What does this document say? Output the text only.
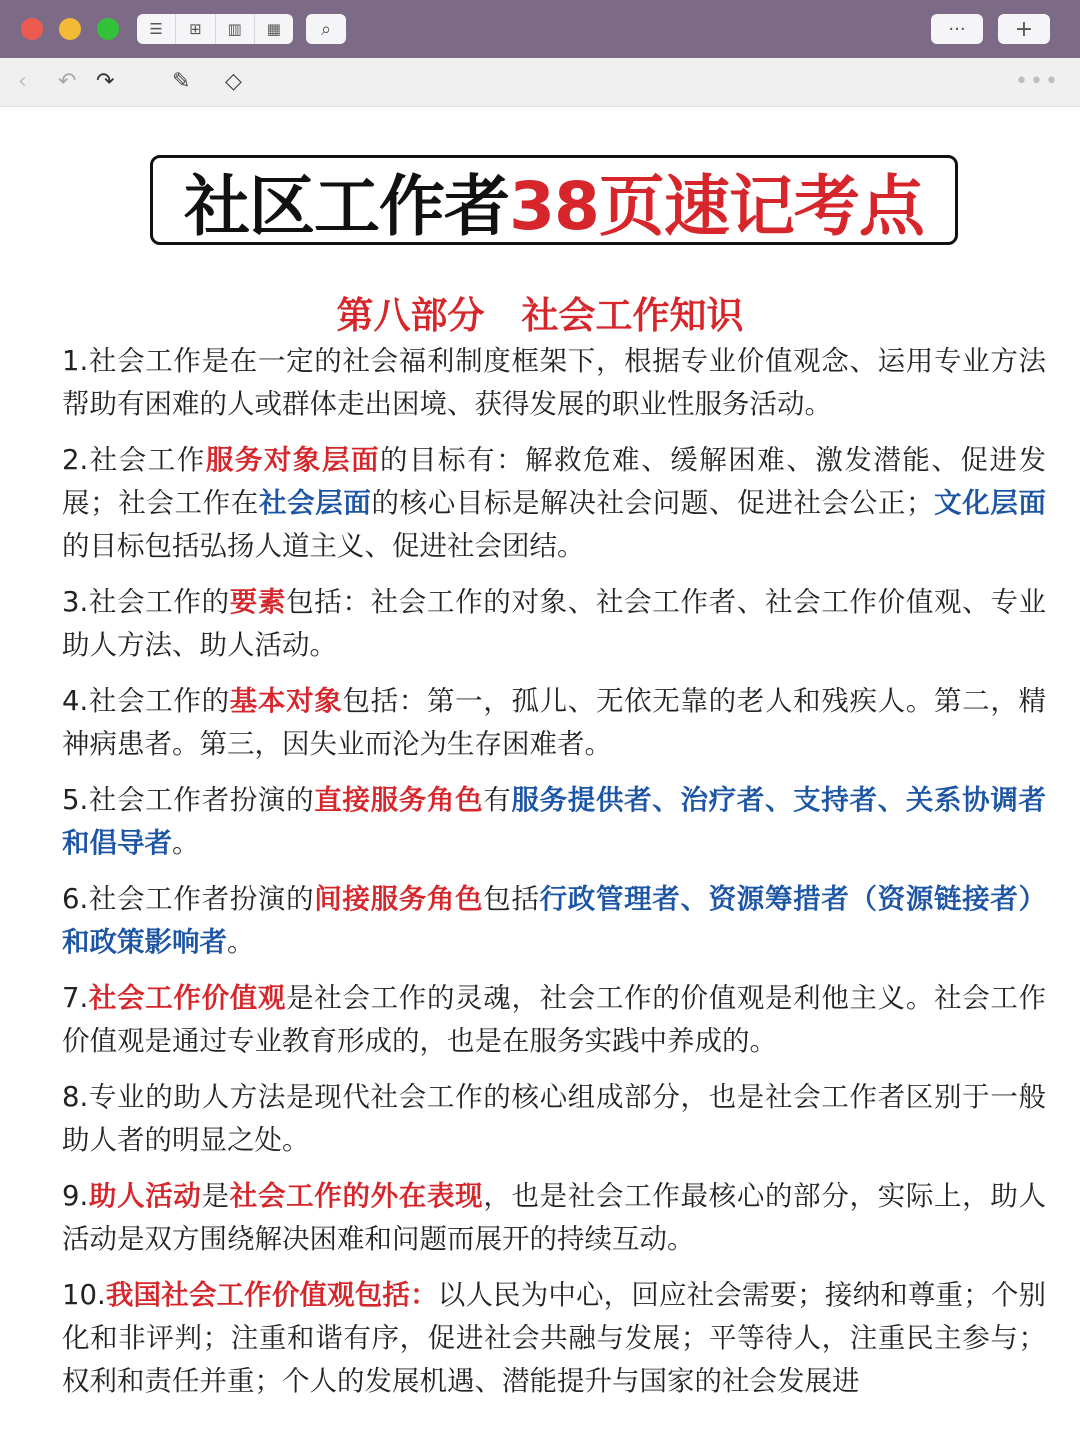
☰	⊞	▥	▦	⌕	···	+
‹ ↶ ↷	✎ ◇	•••
社区工作者 38页速记考点
第八部分　社会工作知识
1.社会工作是在一定的社会福利制度框架下，根据专业价值观念、运用专业方法帮助有困难的人或群体走出困境、获得发展的职业性服务活动。
2.社会工作服务对象层面的目标有：解救危难、缓解困难、激发潜能、促进发展；社会工作在社会层面的核心目标是解决社会问题、促进社会公正；文化层面的目标包括弘扬人道主义、促进社会团结。
3.社会工作的要素包括：社会工作的对象、社会工作者、社会工作价值观、专业助人方法、助人活动。
4.社会工作的基本对象包括：第一，孤儿、无依无靠的老人和残疾人。第二，精神病患者。第三，因失业而沦为生存困难者。
5.社会工作者扮演的直接服务角色有服务提供者、治疗者、支持者、关系协调者和倡导者。
6.社会工作者扮演的间接服务角色包括行政管理者、资源筹措者（资源链接者）和政策影响者。
7.社会工作价值观是社会工作的灵魂，社会工作的价值观是利他主义。社会工作价值观是通过专业教育形成的，也是在服务实践中养成的。
8.专业的助人方法是现代社会工作的核心组成部分，也是社会工作者区别于一般助人者的明显之处。
9.助人活动是社会工作的外在表现，也是社会工作最核心的部分，实际上，助人活动是双方围绕解决困难和问题而展开的持续互动。
10.我国社会工作价值观包括：以人民为中心，回应社会需要；接纳和尊重；个别化和非评判；注重和谐有序，促进社会共融与发展；平等待人，注重民主参与；权利和责任并重；个人的发展机遇、潜能提升与国家的社会发展进
